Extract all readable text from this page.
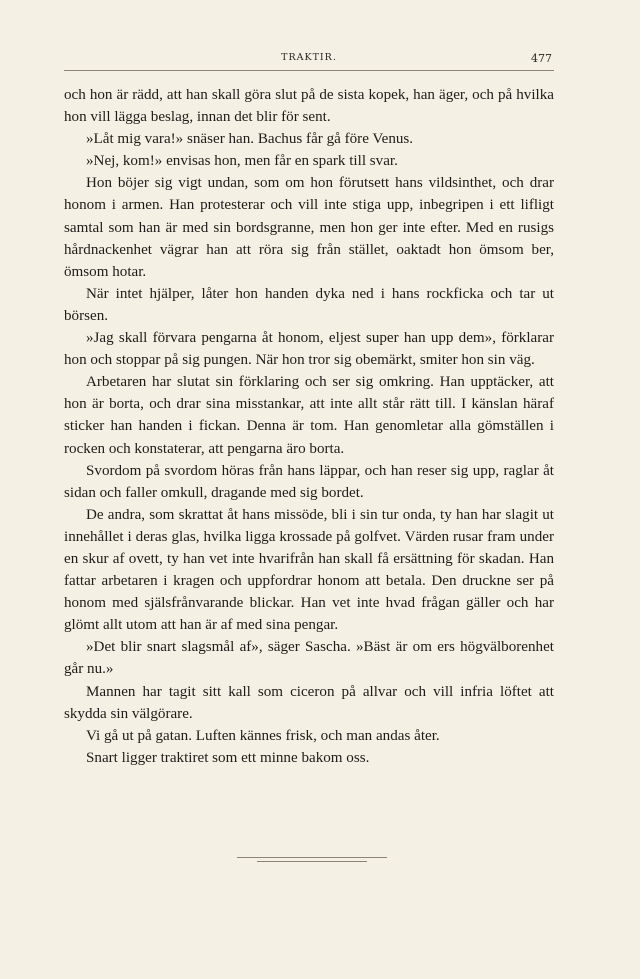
TRAKTIR.	477

och hon är rädd, att han skall göra slut på de sista kopek, han äger, och på hvilka hon vill lägga beslag, innan det blir för sent.

»Låt mig vara!» snäser han. Bachus får gå före Venus.

»Nej, kom!» envisas hon, men får en spark till svar.

Hon böjer sig vigt undan, som om hon förutsett hans vildsinthet, och drar honom i armen. Han protesterar och vill inte stiga upp, inbegripen i ett lifligt samtal som han är med sin bordsgranne, men hon ger inte efter. Med en rusigs hårdnackenhet vägrar han att röra sig från stället, oaktadt hon ömsom ber, ömsom hotar.

När intet hjälper, låter hon handen dyka ned i hans rockficka och tar ut börsen.

»Jag skall förvara pengarna åt honom, eljest super han upp dem», förklarar hon och stoppar på sig pungen. När hon tror sig obemärkt, smiter hon sin väg.

Arbetaren har slutat sin förklaring och ser sig omkring. Han upptäcker, att hon är borta, och drar sina misstankar, att inte allt står rätt till. I känslan häraf sticker han handen i fickan. Denna är tom. Han genomletar alla gömställen i rocken och konstaterar, att pengarna äro borta.

Svordom på svordom höras från hans läppar, och han reser sig upp, raglar åt sidan och faller omkull, dragande med sig bordet.

De andra, som skrattat åt hans missöde, bli i sin tur onda, ty han har slagit ut innehållet i deras glas, hvilka ligga krossade på golfvet. Värden rusar fram under en skur af ovett, ty han vet inte hvarifrån han skall få ersättning för skadan. Han fattar arbetaren i kragen och uppfordrar honom att betala. Den druckne ser på honom med själsfrånvarande blickar. Han vet inte hvad frågan gäller och har glömt allt utom att han är af med sina pengar.

»Det blir snart slagsmål af», säger Sascha. »Bäst är om ers högvälborenhet går nu.»

Mannen har tagit sitt kall som ciceron på allvar och vill infria löftet att skydda sin välgörare.

Vi gå ut på gatan. Luften kännes frisk, och man andas åter.

Snart ligger traktiret som ett minne bakom oss.
